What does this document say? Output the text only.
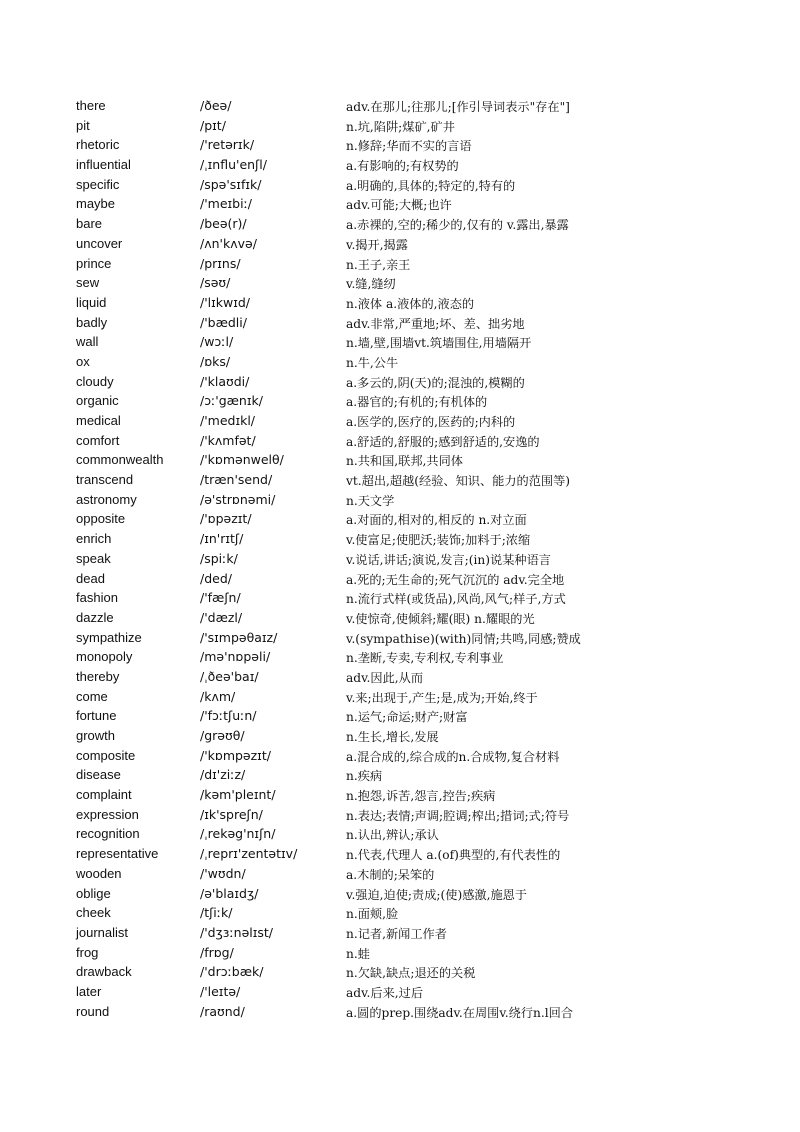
there	/ðeə/	adv.在那儿;往那儿;[作引导词表示"存在"]
pit	/pɪt/	n.坑,陷阱;煤矿,矿井
rhetoric	/'retərɪk/	n.修辞;华而不实的言语
influential	/ˌɪnflu'enʃl/	a.有影响的;有权势的
specific	/spə'sɪfɪk/	a.明确的,具体的;特定的,特有的
maybe	/'meɪbiː/	adv.可能;大概;也许
bare	/beə(r)/	a.赤裸的,空的;稀少的,仅有的 v.露出,暴露
uncover	/ʌn'kʌvə/	v.揭开,揭露
prince	/prɪns/	n.王子,亲王
sew	/səʊ/	v.缝,缝纫
liquid	/'lɪkwɪd/	n.液体 a.液体的,液态的
badly	/'bædli/	adv.非常,严重地;坏、差、拙劣地
wall	/wɔːl/	n.墙,壁,围墙vt.筑墙围住,用墙隔开
ox	/ɒks/	n.牛,公牛
cloudy	/'klaʊdi/	a.多云的,阴(天)的;混浊的,模糊的
organic	/ɔː'gænɪk/	a.器官的;有机的;有机体的
medical	/'medɪkl/	a.医学的,医疗的,医药的;内科的
comfort	/'kʌmfət/	a.舒适的,舒服的;感到舒适的,安逸的
commonwealth	/'kɒmənwelθ/	n.共和国,联邦,共同体
transcend	/træn'send/	vt.超出,超越(经验、知识、能力的范围等)
astronomy	/ə'strɒnəmi/	n.天文学
opposite	/'ɒpəzɪt/	a.对面的,相对的,相反的 n.对立面
enrich	/ɪn'rɪtʃ/	v.使富足;使肥沃;装饰;加料于;浓缩
speak	/spiːk/	v.说话,讲话;演说,发言;(in)说某种语言
dead	/ded/	a.死的;无生命的;死气沉沉的 adv.完全地
fashion	/'fæʃn/	n.流行式样(或货品),风尚,风气;样子,方式
dazzle	/'dæzl/	v.使惊奇,使倾斜;耀(眼) n.耀眼的光
sympathize	/'sɪmpəθaɪz/	v.(sympathise)(with)同情;共鸣,同感;赞成
monopoly	/mə'nɒpəli/	n.垄断,专卖,专利权,专利事业
thereby	/ˌðeə'baɪ/	adv.因此,从而
come	/kʌm/	v.来;出现于,产生;是,成为;开始,终于
fortune	/'fɔːtʃuːn/	n.运气;命运;财产;财富
growth	/grəʊθ/	n.生长,增长,发展
composite	/'kɒmpəzɪt/	a.混合成的,综合成的n.合成物,复合材料
disease	/dɪ'ziːz/	n.疾病
complaint	/kəm'pleɪnt/	n.抱怨,诉苦,怨言,控告;疾病
expression	/ɪk'spreʃn/	n.表达;表情;声调;腔调;榨出;措词;式;符号
recognition	/ˌrekəg'nɪʃn/	n.认出,辨认;承认
representative	/ˌreprɪ'zentətɪv/	n.代表,代理人 a.(of)典型的,有代表性的
wooden	/'wʊdn/	a.木制的;呆笨的
oblige	/ə'blaɪdʒ/	v.强迫,迫使;责成;(使)感激,施恩于
cheek	/tʃiːk/	n.面颊,脸
journalist	/'dʒɜːnəlɪst/	n.记者,新闻工作者
frog	/frɒg/	n.蛙
drawback	/'drɔːbæk/	n.欠缺,缺点;退还的关税
later	/'leɪtə/	adv.后来,过后
round	/raʊnd/	a.圆的prep.围绕adv.在周围v.绕行n.l回合
